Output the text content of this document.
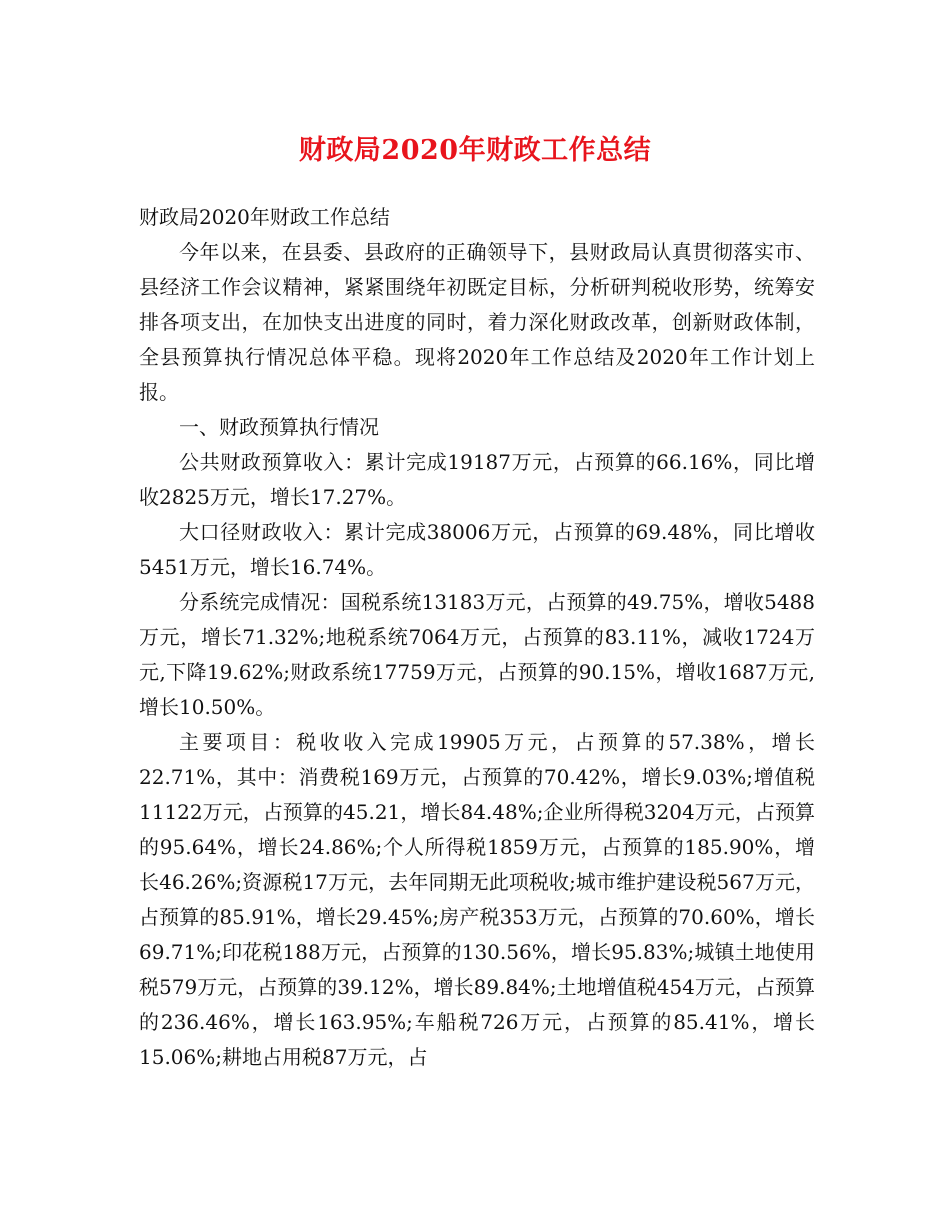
财政局2020年财政工作总结

财政局2020年财政工作总结

今年以来，在县委、县政府的正确领导下，县财政局认真贯彻落实市、县经济工作会议精神，紧紧围绕年初既定目标，分析研判税收形势，统筹安排各项支出，在加快支出进度的同时，着力深化财政改革，创新财政体制，全县预算执行情况总体平稳。现将2020年工作总结及2020年工作计划上报。

一、财政预算执行情况

公共财政预算收入：累计完成19187万元，占预算的66.16%，同比增收2825万元，增长17.27%。

大口径财政收入：累计完成38006万元，占预算的69.48%，同比增收5451万元，增长16.74%。

分系统完成情况：国税系统13183万元，占预算的49.75%，增收5488万元，增长71.32%;地税系统7064万元，占预算的83.11%，减收1724万元,下降19.62%;财政系统17759万元，占预算的90.15%，增收1687万元,增长10.50%。

主要项目：税收收入完成19905万元，占预算的57.38%，增长22.71%，其中：消费税169万元，占预算的70.42%，增长9.03%;增值税11122万元，占预算的45.21，增长84.48%;企业所得税3204万元，占预算的95.64%，增长24.86%;个人所得税1859万元，占预算的185.90%，增长46.26%;资源税17万元，去年同期无此项税收;城市维护建设税567万元，占预算的85.91%，增长29.45%;房产税353万元，占预算的70.60%，增长69.71%;印花税188万元，占预算的130.56%，增长95.83%;城镇土地使用税579万元，占预算的39.12%，增长89.84%;土地增值税454万元，占预算的236.46%，增长163.95%;车船税726万元，占预算的85.41%，增长15.06%;耕地占用税87万元，占
